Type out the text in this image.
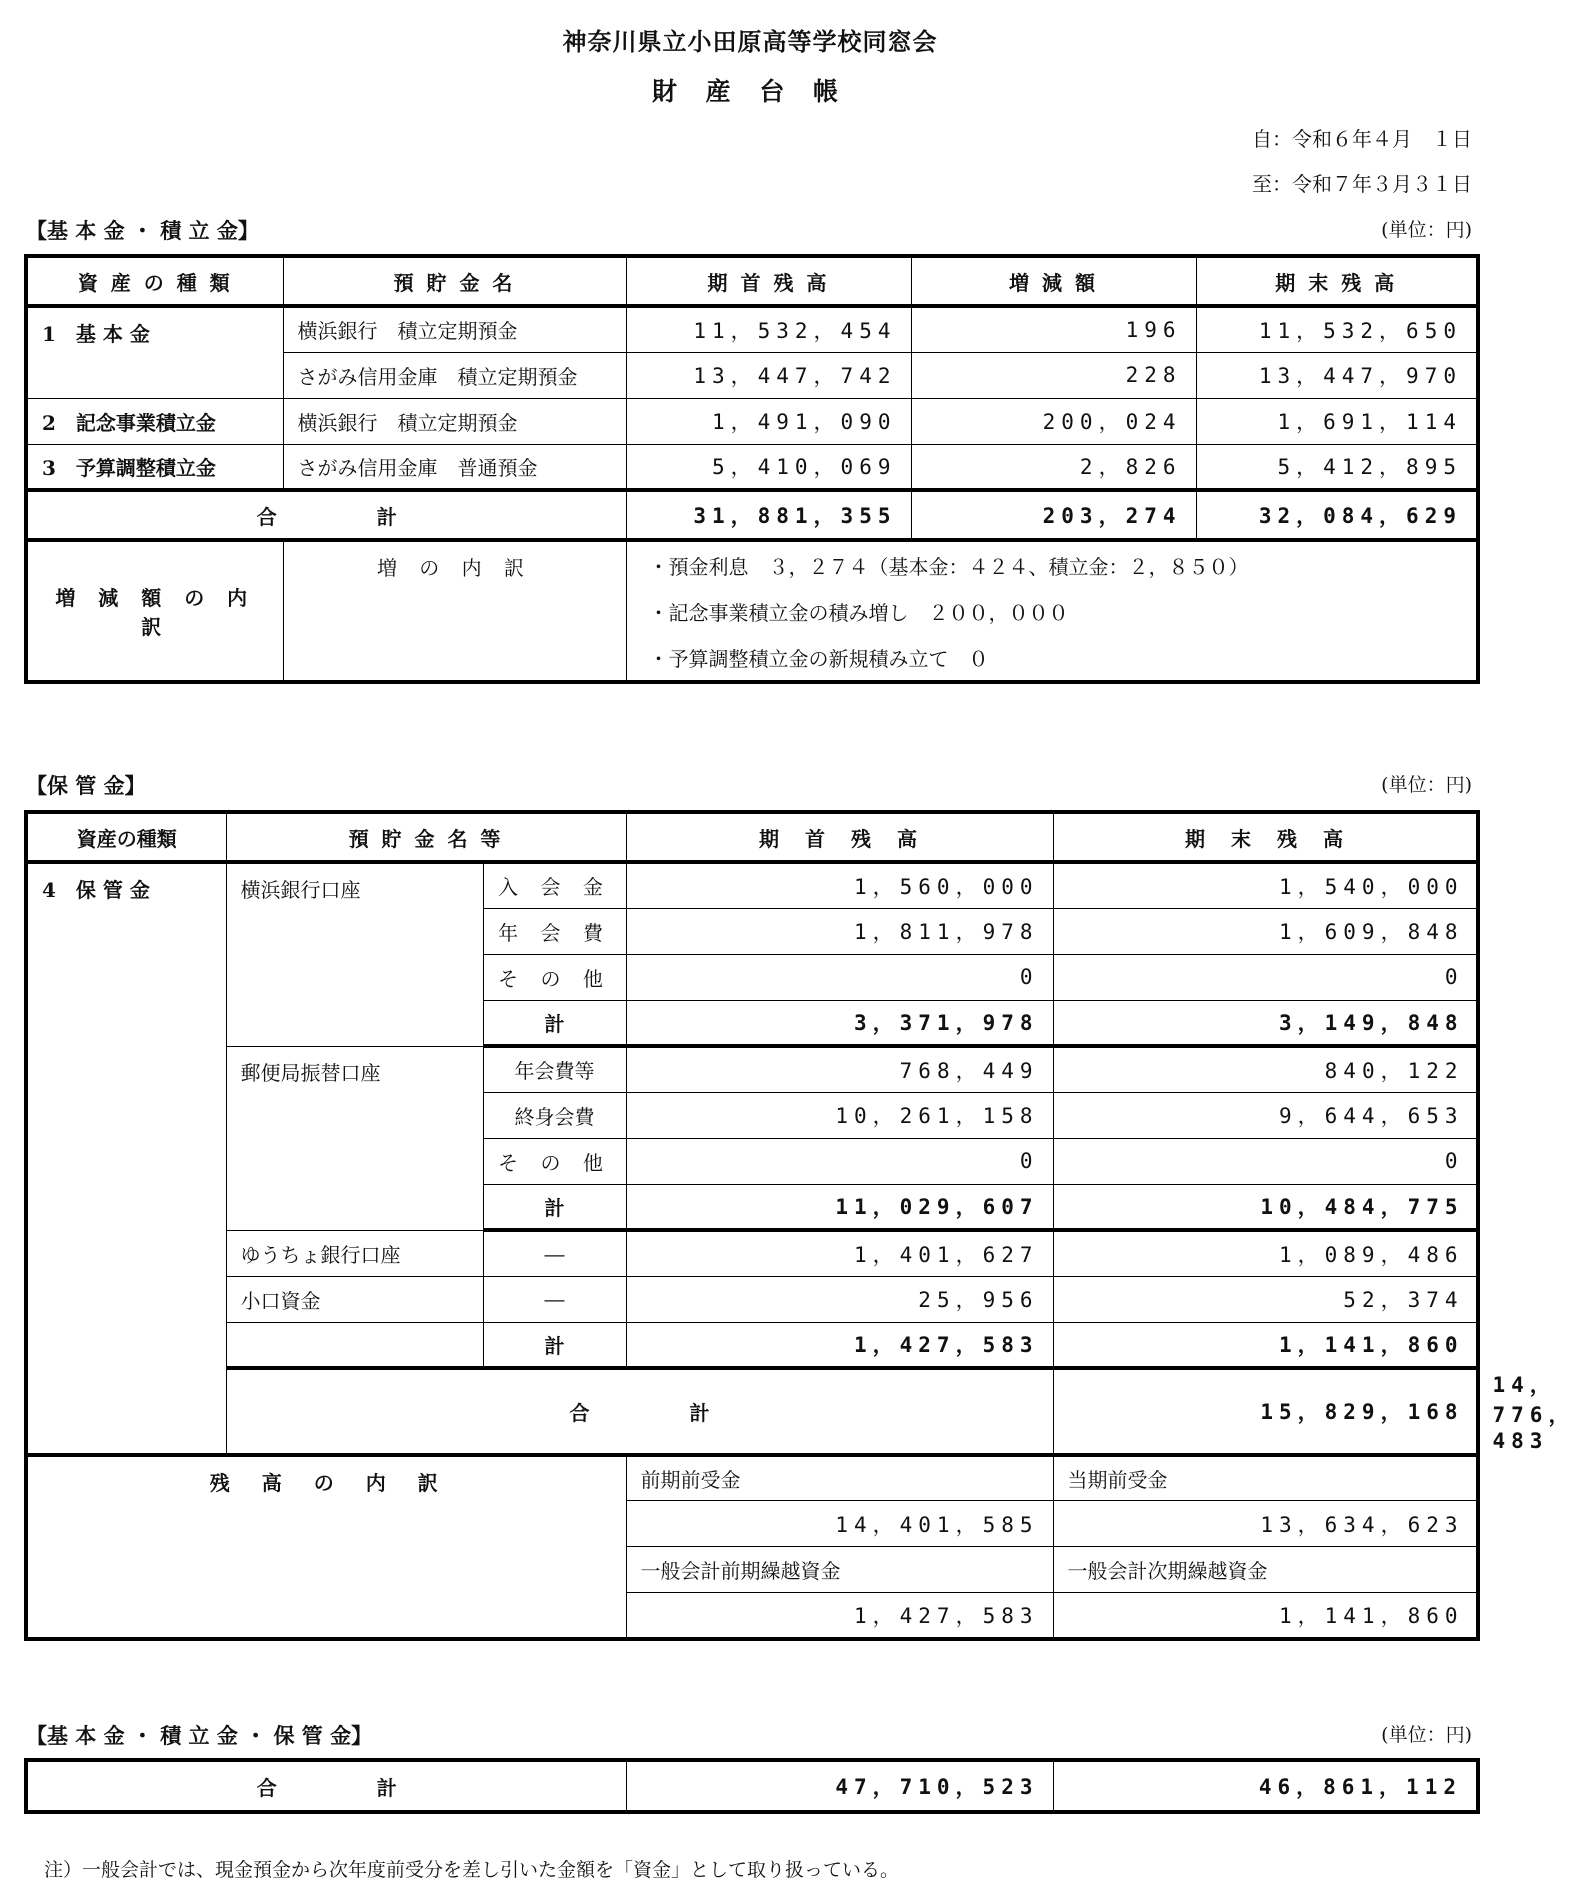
神奈川県立小田原高等学校同窓会
財 産 台 帳
自：令和６年４月　１日
至：令和７年３月３１日
【基 本 金 ・ 積 立 金】	(単位：円)
資 産 の 種 類	預 貯 金 名	期 首 残 高	増 減 額	期 末 残 高
1　基 本 金	横浜銀行　積立定期預金	11，532，454	196	11，532，650
	さがみ信用金庫　積立定期預金	13，447，742	228	13，447，970
2　記念事業積立金	横浜銀行　積立定期預金	1，491，090	200，024	1，691，114
3　予算調整積立金	さがみ信用金庫　普通預金	5，410，069	2，826	5，412，895
合　　　　　計		31，881，355	203，274	32，084，629
増 減 額 の 内 訳	増 の 内 訳	・預金利息　３，２７４（基本金：４２４、積立金：２，８５０）
・記念事業積立金の積み増し　２００，０００
・予算調整積立金の新規積み立て　０		
【保 管 金】	(単位：円)
資産の種類	預 貯 金 名 等		期　首　残　高	期　末　残　高	
4　保 管 金	横浜銀行口座	入 会 金	1，560，000	1，540，000	
		年 会 費	1，811，978	1，609，848	
		そ の 他	0	0	
		計	3，371，978	3，149，848	
	郵便局振替口座	年会費等	768，449	840，122	
		終身会費	10，261，158	9，644，653	
		そ の 他	0	0	
		計	11，029，607	10，484，775	
	ゆうちょ銀行口座	―	1，401，627	1，089，486	
	小口資金	―	25，956	52，374	
		計	1，427，583	1，141，860	
	合　　　　　計			15，829，168	14，776，483
残　高　の　内　訳			前期前受金	当期前受金	
			14，401，585	13，634，623	
			一般会計前期繰越資金	一般会計次期繰越資金	
			1，427，583	1，141，860	
【基 本 金 ・ 積 立 金 ・ 保 管 金】	(単位：円)
合　　　　　計	47，710，523	46，861，112
注）一般会計では、現金預金から次年度前受分を差し引いた金額を「資金」として取り扱っている。
